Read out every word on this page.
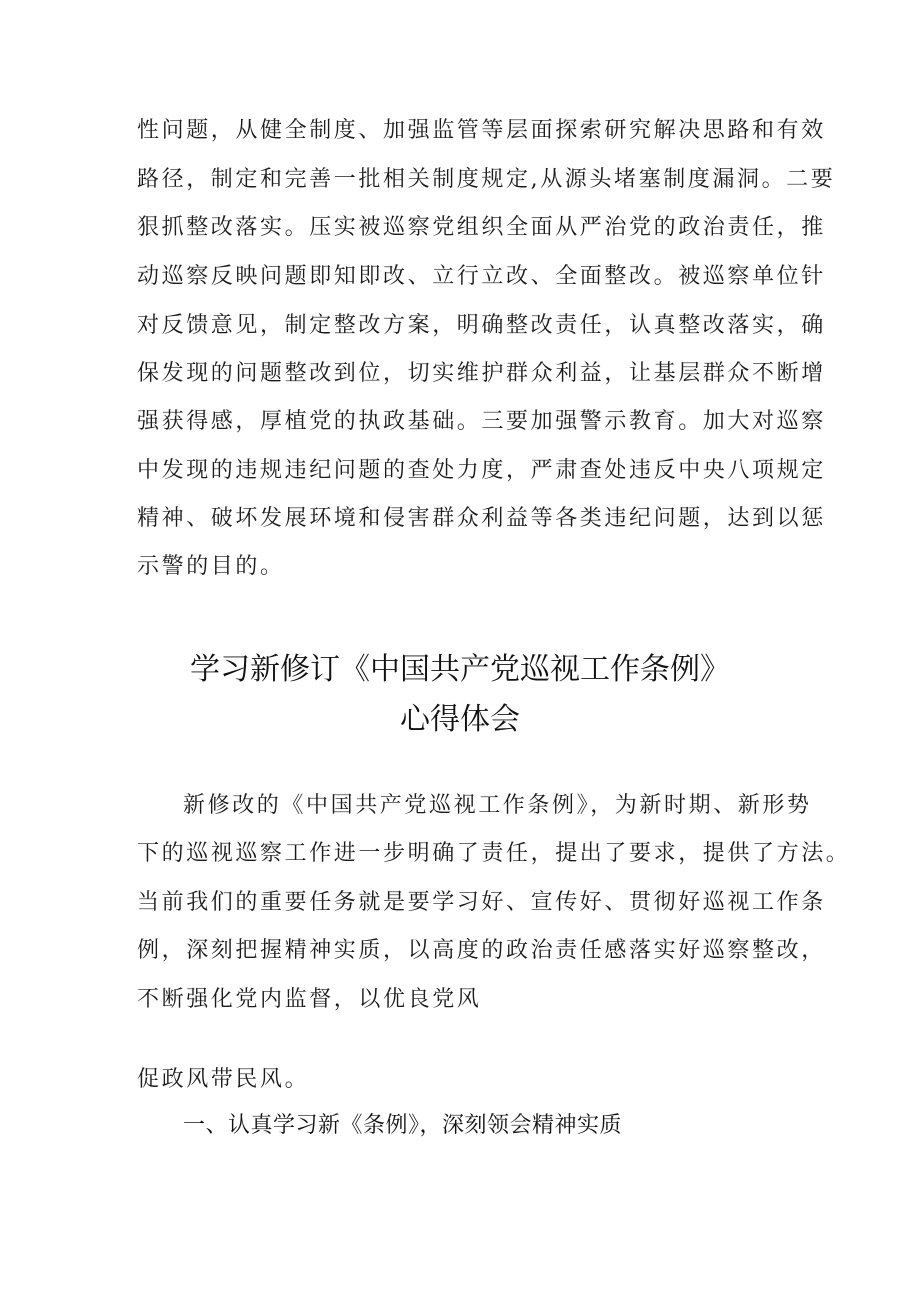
性问题，从健全制度、加强监管等层面探索研究解决思路和有效
路径，制定和完善一批相关制度规定,从源头堵塞制度漏洞。二要
狠抓整改落实。压实被巡察党组织全面从严治党的政治责任，推
动巡察反映问题即知即改、立行立改、全面整改。被巡察单位针
对反馈意见，制定整改方案，明确整改责任，认真整改落实，确
保发现的问题整改到位，切实维护群众利益，让基层群众不断增
强获得感，厚植党的执政基础。三要加强警示教育。加大对巡察
中发现的违规违纪问题的查处力度，严肃查处违反中央八项规定
精神、破坏发展环境和侵害群众利益等各类违纪问题，达到以惩
示警的目的。
学习新修订《中国共产党巡视工作条例》
心得体会
新修改的《中国共产党巡视工作条例》，为新时期、新形势
下的巡视巡察工作进一步明确了责任，提出了要求，提供了方法。
当前我们的重要任务就是要学习好、宣传好、贯彻好巡视工作条
例，深刻把握精神实质，以高度的政治责任感落实好巡察整改，
不断强化党内监督，以优良党风
促政风带民风。
一、认真学习新《条例》，深刻领会精神实质
